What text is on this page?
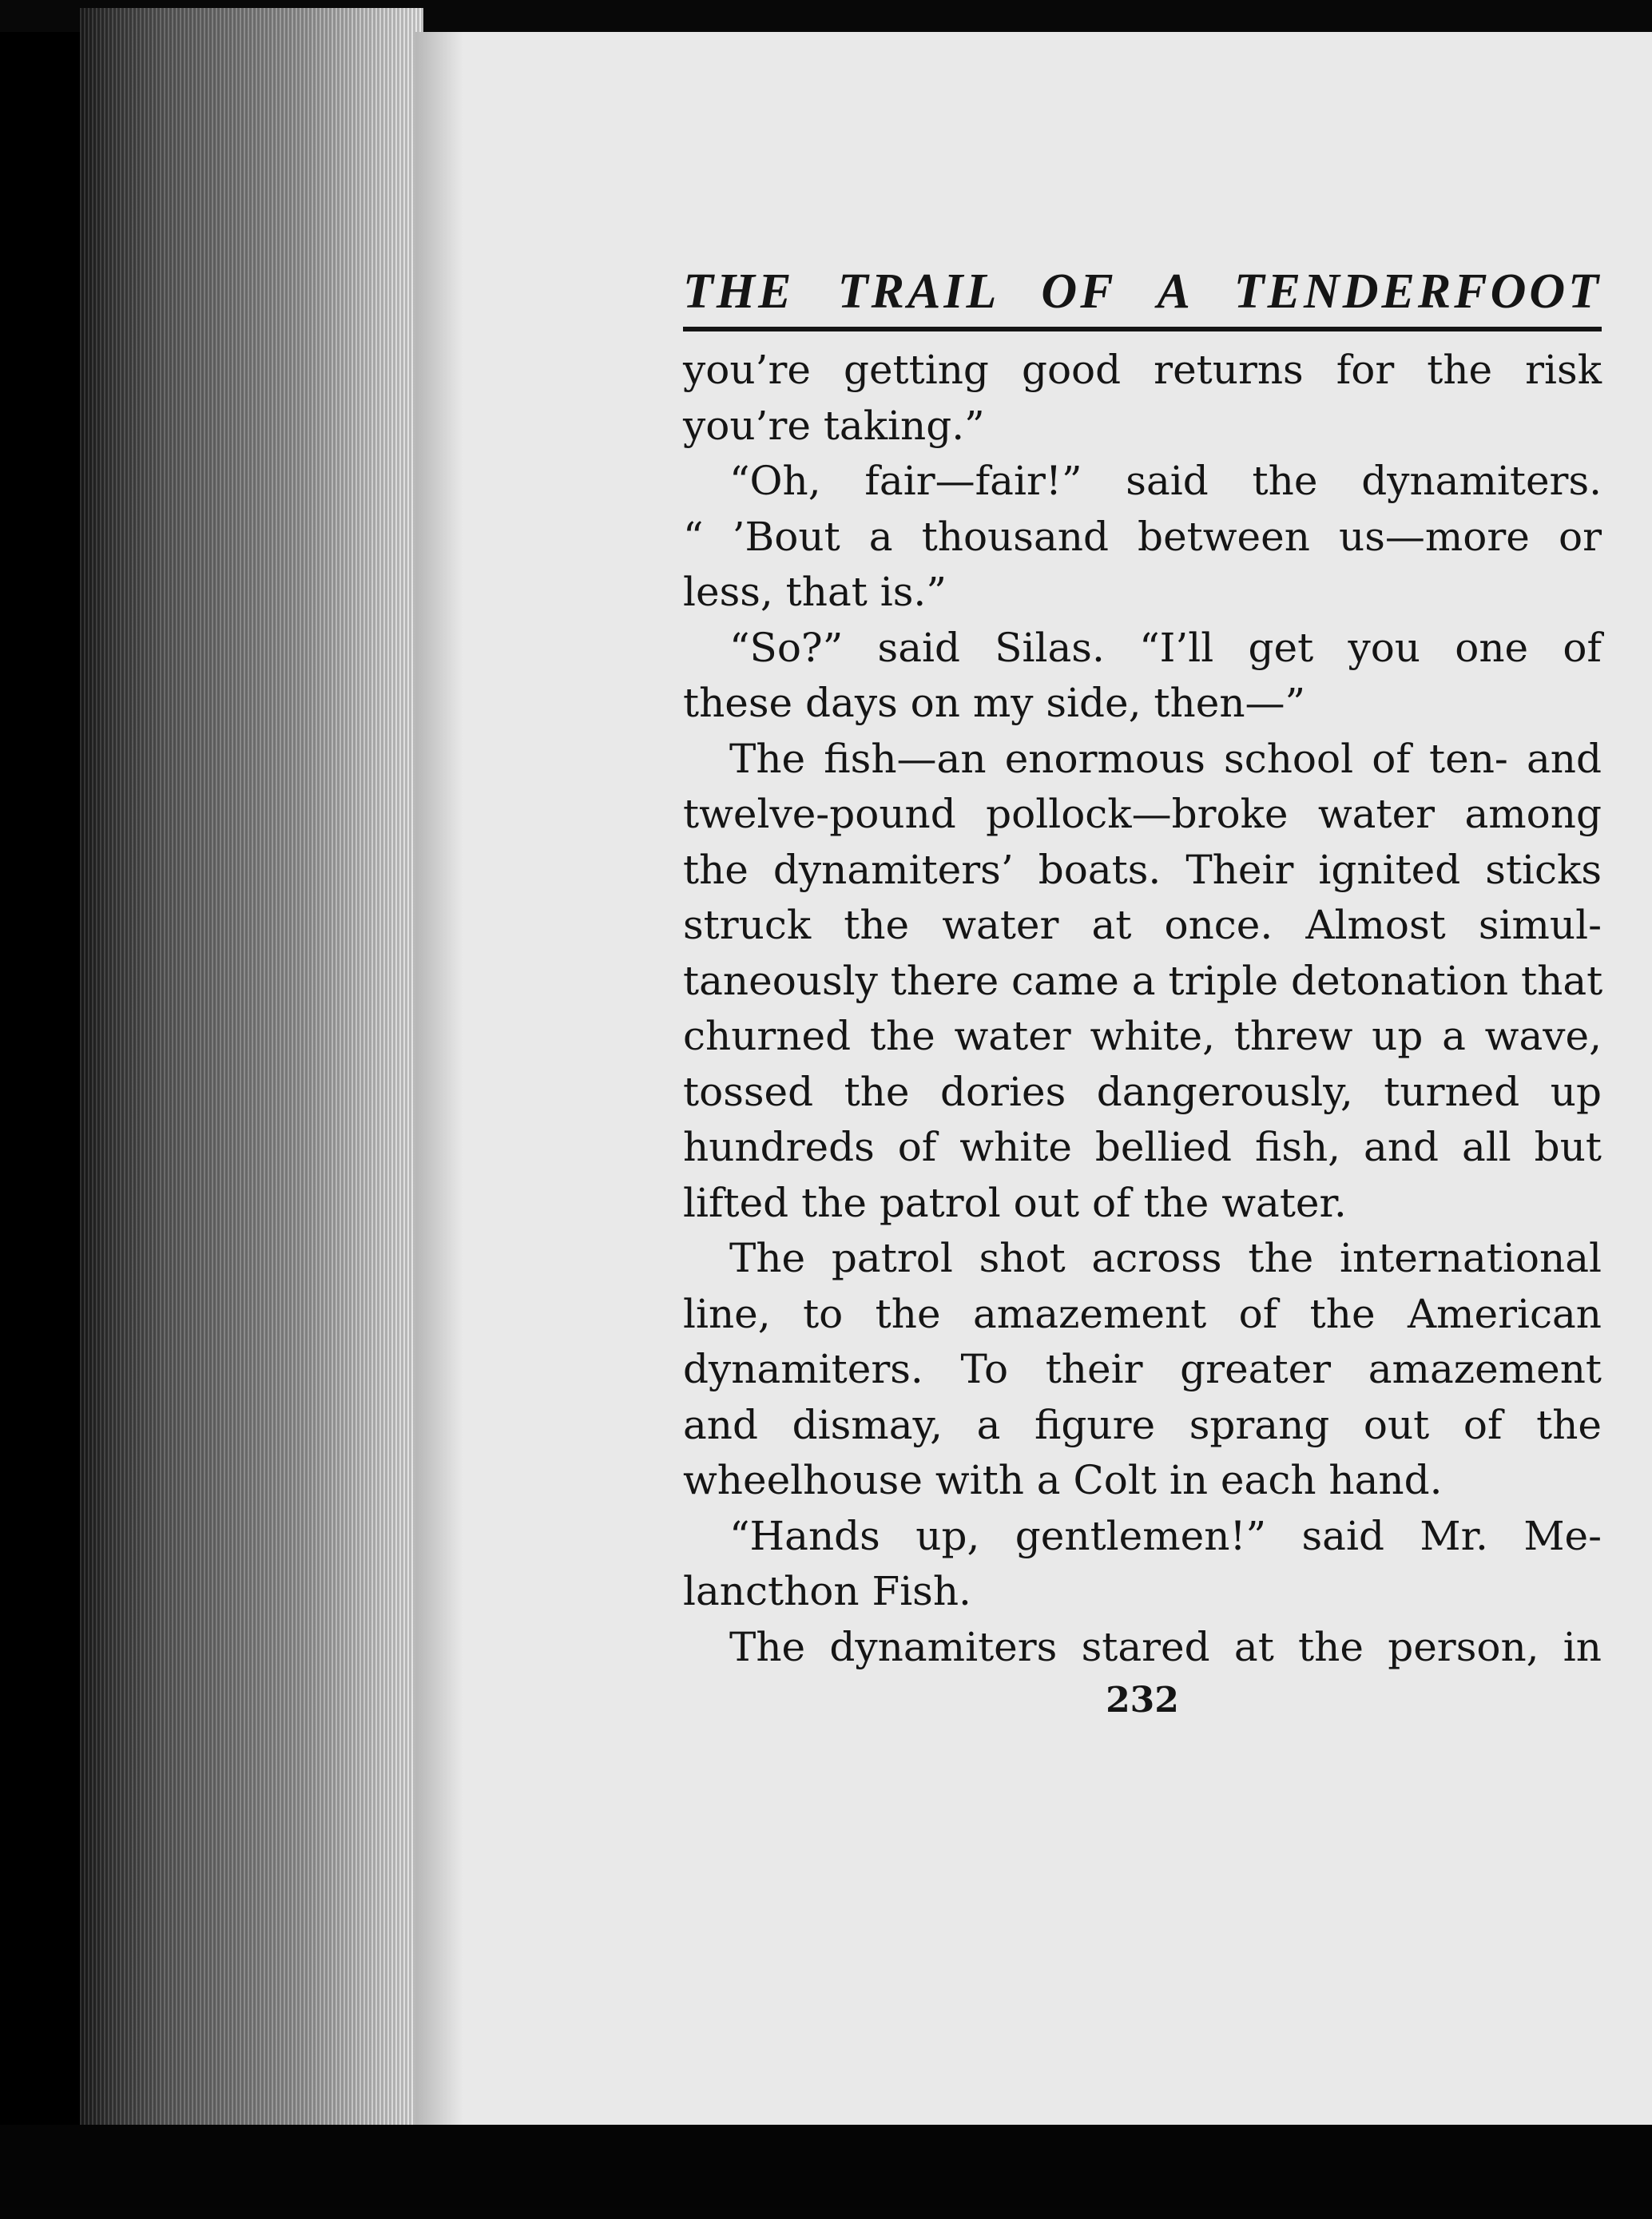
THE TRAIL OF A TENDERFOOT
you’re getting good returns for the risk
you’re taking.”
“Oh, fair—fair!” said the dynamiters.
“ ’Bout a thousand between us—more or
less, that is.”
“So?” said Silas. “I’ll get you one of
these days on my side, then—”
The fish—an enormous school of ten- and
twelve-pound pollock—broke water among
the dynamiters’ boats. Their ignited sticks
struck the water at once. Almost simul-
taneously there came a triple detonation that
churned the water white, threw up a wave,
tossed the dories dangerously, turned up
hundreds of white bellied fish, and all but
lifted the patrol out of the water.
The patrol shot across the international
line, to the amazement of the American
dynamiters. To their greater amazement
and dismay, a figure sprang out of the
wheelhouse with a Colt in each hand.
“Hands up, gentlemen!” said Mr. Me-
lancthon Fish.
The dynamiters stared at the person, in
232
